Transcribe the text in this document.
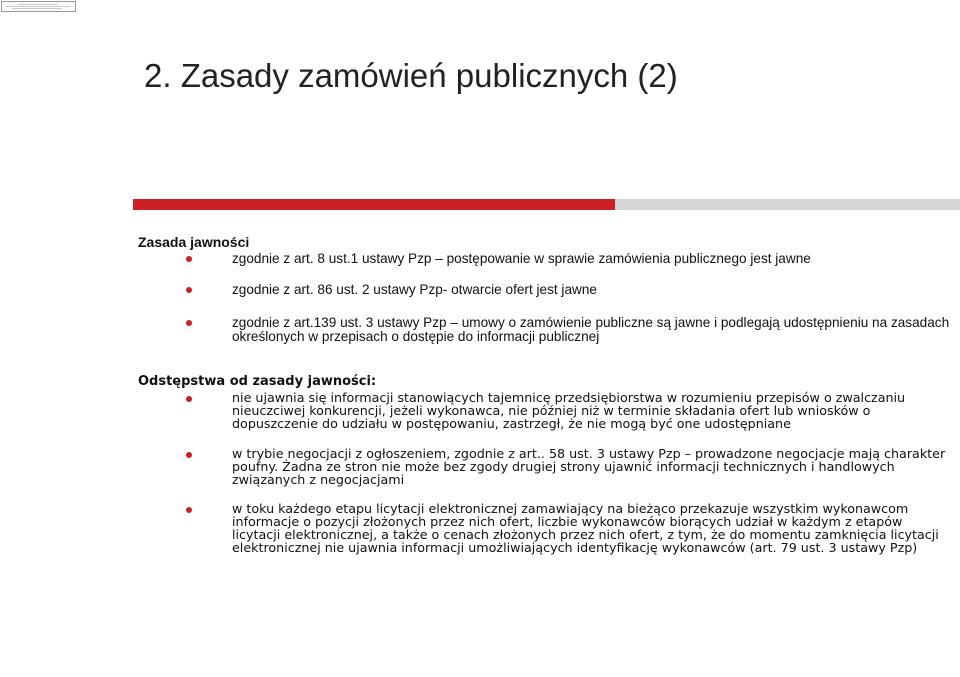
2. Zasady zamówień publicznych (2)
Zasada jawności
zgodnie z art. 8 ust.1 ustawy Pzp – postępowanie w sprawie zamówienia publicznego jest jawne
zgodnie z art. 86 ust. 2 ustawy Pzp- otwarcie ofert jest jawne
zgodnie z art.139 ust. 3 ustawy Pzp – umowy o zamówienie publiczne są jawne i podlegają udostępnieniu na zasadach określonych w przepisach o dostępie do informacji publicznej
Odstępstwa od zasady jawności:
nie ujawnia się informacji stanowiących tajemnicę przedsiębiorstwa w rozumieniu przepisów o zwalczaniu nieuczciwej konkurencji, jeżeli wykonawca, nie później niż w terminie składania ofert lub wniosków o dopuszczenie do udziału w postępowaniu, zastrzegł, że nie mogą być one udostępniane
w trybie negocjacji z ogłoszeniem, zgodnie z art.. 58 ust. 3 ustawy Pzp – prowadzone negocjacje mają charakter poufny. Żadna ze stron nie może bez zgody drugiej strony ujawnić informacji technicznych i handlowych związanych z negocjacjami
w toku każdego etapu licytacji elektronicznej zamawiający na bieżąco przekazuje wszystkim wykonawcom informacje o pozycji złożonych przez nich ofert, liczbie wykonawców biorących udział w każdym z etapów licytacji elektronicznej, a także o cenach złożonych przez nich ofert, z tym, że do momentu zamknięcia licytacji elektronicznej nie ujawnia informacji umożliwiających identyfikację wykonawców (art. 79 ust. 3 ustawy Pzp)
